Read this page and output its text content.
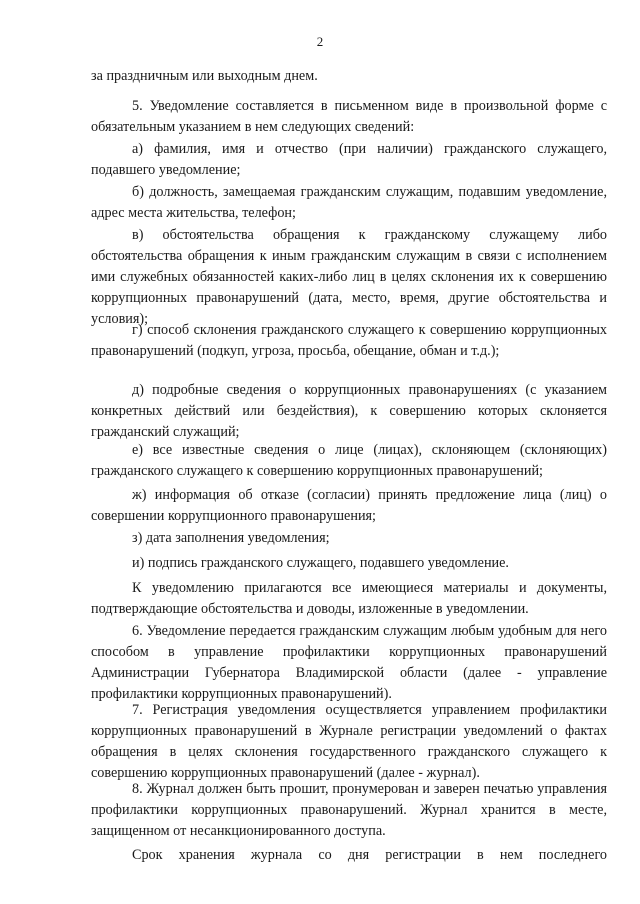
2

за праздничным или выходным днем.

5. Уведомление составляется в письменном виде в произвольной форме с обязательным указанием в нем следующих сведений:

а) фамилия, имя и отчество (при наличии) гражданского служащего, подавшего уведомление;

б) должность, замещаемая гражданским служащим, подавшим уведомление, адрес места жительства, телефон;

в) обстоятельства обращения к гражданскому служащему либо обстоятельства обращения к иным гражданским служащим в связи с исполнением ими служебных обязанностей каких-либо лиц в целях склонения их к совершению коррупционных правонарушений (дата, место, время, другие обстоятельства и условия);

г) способ склонения гражданского служащего к совершению коррупционных правонарушений (подкуп, угроза, просьба, обещание, обман и т.д.);

д) подробные сведения о коррупционных правонарушениях (с указанием конкретных действий или бездействия), к совершению которых склоняется гражданский служащий;

е) все известные сведения о лице (лицах), склоняющем (склоняющих) гражданского служащего к совершению коррупционных правонарушений;

ж) информация об отказе (согласии) принять предложение лица (лиц) о совершении коррупционного правонарушения;

з) дата заполнения уведомления;

и) подпись гражданского служащего, подавшего уведомление.

К уведомлению прилагаются все имеющиеся материалы и документы, подтверждающие обстоятельства и доводы, изложенные в уведомлении.

6. Уведомление передается гражданским служащим любым удобным для него способом в управление профилактики коррупционных правонарушений Администрации Губернатора Владимирской области (далее - управление профилактики коррупционных правонарушений).

7. Регистрация уведомления осуществляется управлением профилактики коррупционных правонарушений в Журнале регистрации уведомлений о фактах обращения в целях склонения государственного гражданского служащего к совершению коррупционных правонарушений (далее - журнал).

8. Журнал должен быть прошит, пронумерован и заверен печатью управления профилактики коррупционных правонарушений. Журнал хранится в месте, защищенном от несанкционированного доступа.

Срок хранения журнала со дня регистрации в нем последнего
